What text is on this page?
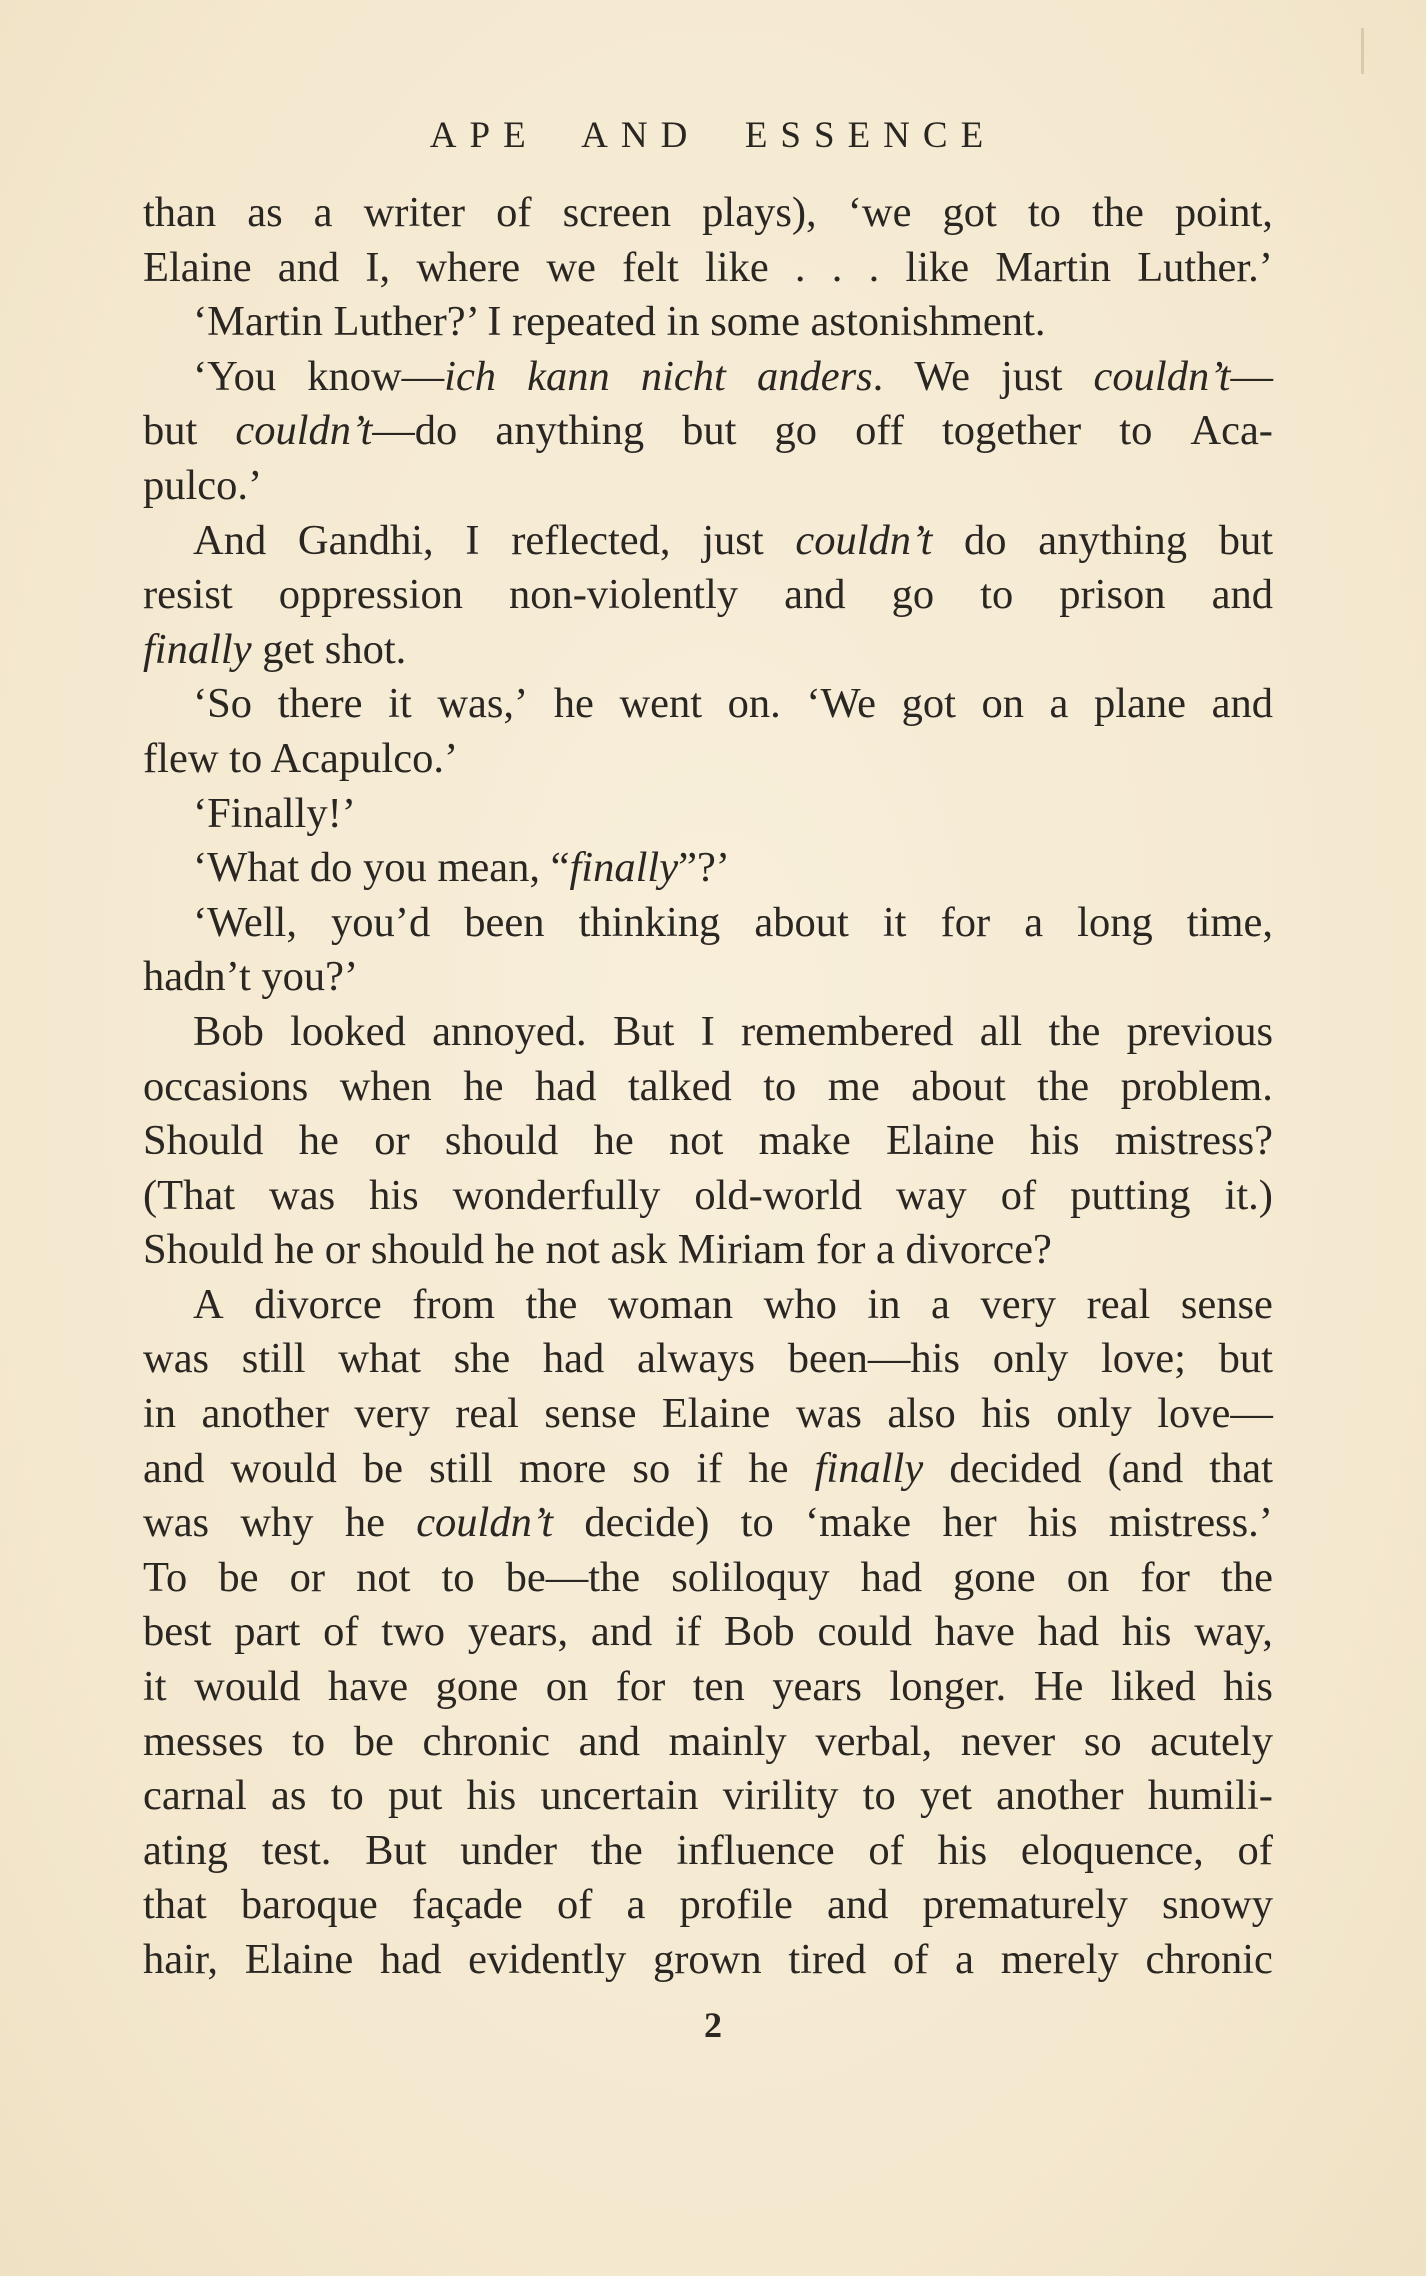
APE  AND  ESSENCE
than as a writer of screen plays), ‘we got to the point,
Elaine and I, where we felt like . . . like Martin Luther.’
‘Martin Luther?’ I repeated in some astonishment.
‘You know—ich kann nicht anders. We just couldn’t—
but couldn’t—do anything but go off together to Aca-
pulco.’
And Gandhi, I reflected, just couldn’t do anything but
resist oppression non-violently and go to prison and
finally get shot.
‘So there it was,’ he went on. ‘We got on a plane and
flew to Acapulco.’
‘Finally!’
‘What do you mean, “finally”?’
‘Well, you’d been thinking about it for a long time,
hadn’t you?’
Bob looked annoyed. But I remembered all the previous
occasions when he had talked to me about the problem.
Should he or should he not make Elaine his mistress?
(That was his wonderfully old-world way of putting it.)
Should he or should he not ask Miriam for a divorce?
A divorce from the woman who in a very real sense
was still what she had always been—his only love; but
in another very real sense Elaine was also his only love—
and would be still more so if he finally decided (and that
was why he couldn’t decide) to ‘make her his mistress.’
To be or not to be—the soliloquy had gone on for the
best part of two years, and if Bob could have had his way,
it would have gone on for ten years longer. He liked his
messes to be chronic and mainly verbal, never so acutely
carnal as to put his uncertain virility to yet another humili-
ating test. But under the influence of his eloquence, of
that baroque façade of a profile and prematurely snowy
hair, Elaine had evidently grown tired of a merely chronic
2
